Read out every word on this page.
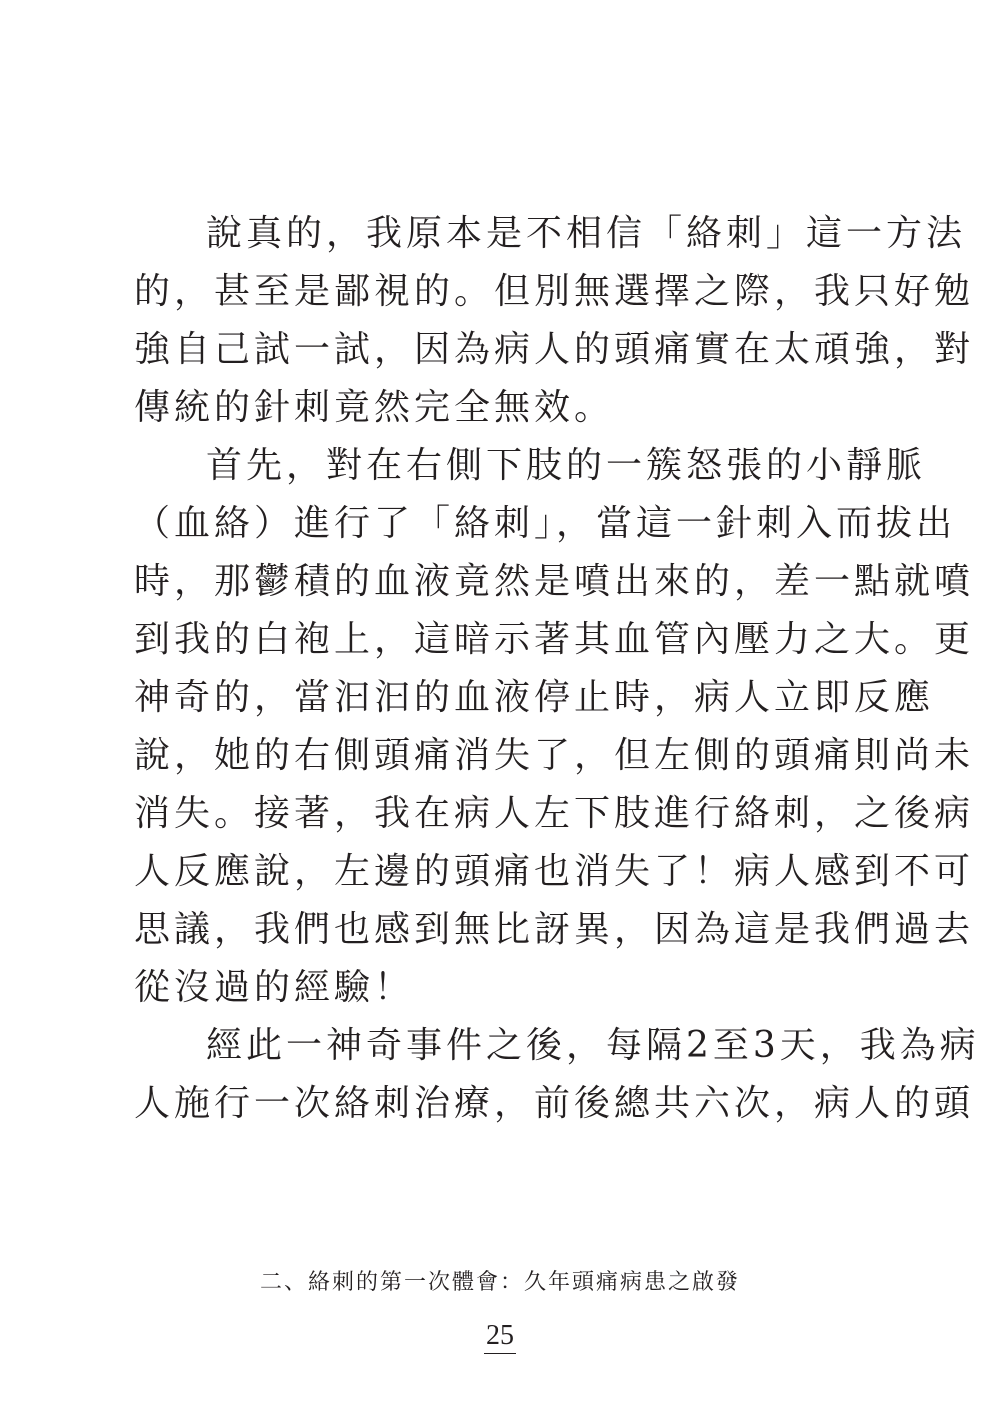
說真的，我原本是不相信「絡刺」這一方法
的，甚至是鄙視的。但別無選擇之際，我只好勉
強自己試一試，因為病人的頭痛實在太頑強，對
傳統的針刺竟然完全無效。
首先，對在右側下肢的一簇怒張的小靜脈
（血絡）進行了「絡刺」，當這一針刺入而拔出
時，那鬱積的血液竟然是噴出來的，差一點就噴
到我的白袍上，這暗示著其血管內壓力之大。更
神奇的，當汩汩的血液停止時，病人立即反應
說，她的右側頭痛消失了，但左側的頭痛則尚未
消失。接著，我在病人左下肢進行絡刺，之後病
人反應說，左邊的頭痛也消失了！病人感到不可
思議，我們也感到無比訝異，因為這是我們過去
從沒過的經驗！
經此一神奇事件之後，每隔2至3天，我為病
人施行一次絡刺治療，前後總共六次，病人的頭
二、絡刺的第一次體會：久年頭痛病患之啟發
25
